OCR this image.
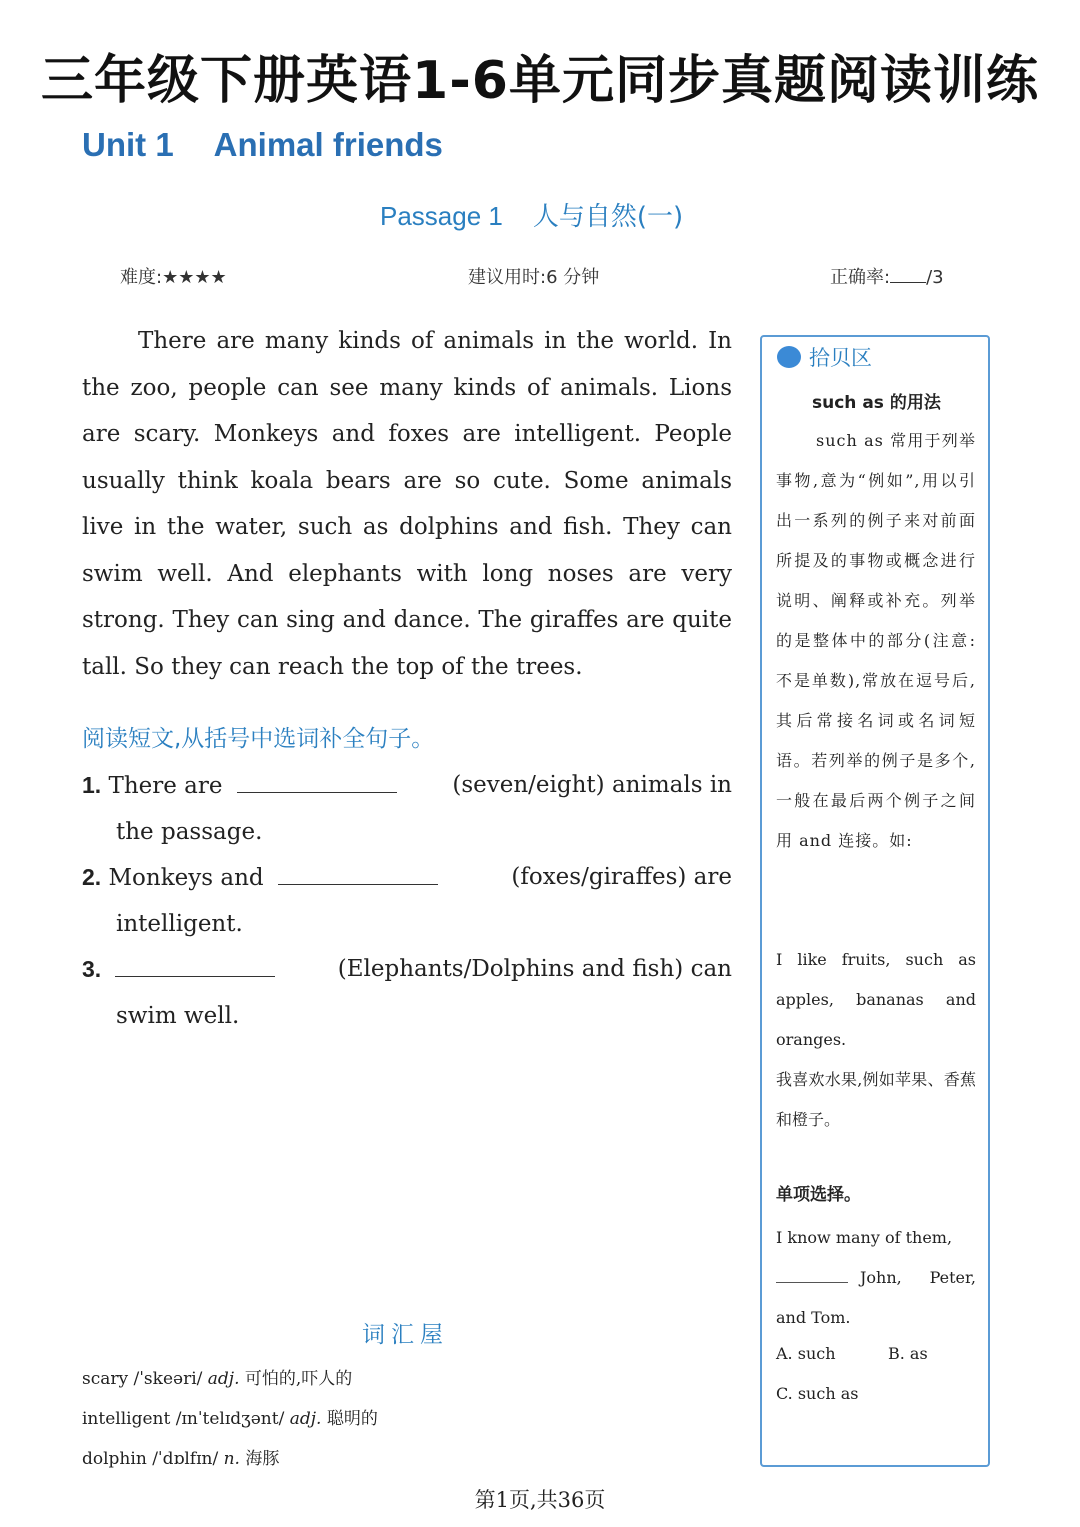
三年级下册英语1-6单元同步真题阅读训练
Unit 1 Animal friends
Passage 1 人与自然(一)
难度:★★★★	建议用时:6 分钟	正确率: /3
There are many kinds of animals in the world. In the zoo, people can see many kinds of animals. Lions are scary. Monkeys and foxes are intelligent. People usually think koala bears are so cute. Some animals live in the water, such as dolphins and fish. They can swim well. And elephants with long noses are very strong. They can sing and dance. The giraffes are quite tall. So they can reach the top of the trees.
阅读短文,从括号中选词补全句子。
1. There are	(seven/eight) animals in
the passage.
2. Monkeys and	(foxes/giraffes) are
intelligent.
3.	(Elephants/Dolphins and fish) can
swim well.
词汇屋
scary /ˈskeəri/ adj. 可怕的,吓人的
intelligent /ɪnˈtelɪdʒənt/ adj. 聪明的
dolphin /ˈdɒlfɪn/ n. 海豚
拾贝区
such as 的用法
such as 常用于列举事物,意为“例如”,用以引出一系列的例子来对前面所提及的事物或概念进行说明、阐释或补充。列举的是整体中的部分(注意:不是单数),常放在逗号后,其后常接名词或名词短语。若列举的例子是多个,一般在最后两个例子之间用 and 连接。如:
I like fruits, such as apples, bananas and oranges.
我喜欢水果,例如苹果、香蕉和橙子。
单项选择。
I know many of them,
John, Peter, and Tom.
A. such	B. as
C. such as
第1页,共36页
